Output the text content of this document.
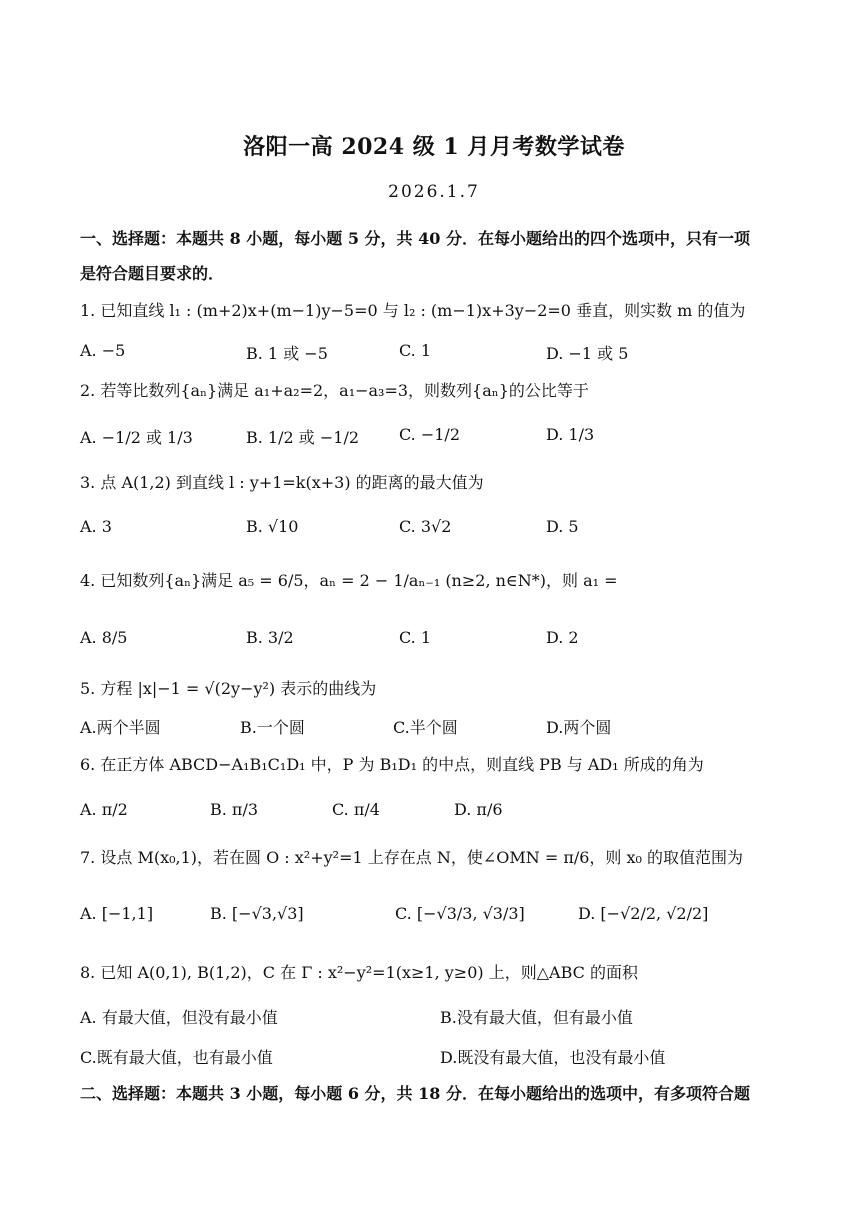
洛阳一高 2024 级 1 月月考数学试卷
2026.1.7
一、选择题：本题共 8 小题，每小题 5 分，共 40 分．在每小题给出的四个选项中，只有一项
是符合题目要求的．
1. 已知直线 l₁ : (m+2)x+(m−1)y−5=0 与 l₂ : (m−1)x+3y−2=0 垂直，则实数 m 的值为
A. −5	B. 1 或 −5	C. 1	D. −1 或 5
2. 若等比数列{aₙ}满足 a₁+a₂=2，a₁−a₃=3，则数列{aₙ}的公比等于
A. −1/2 或 1/3	B. 1/2 或 −1/2 C. −1/2	D. 1/3
3. 点 A(1,2) 到直线 l : y+1=k(x+3) 的距离的最大值为
A. 3	B. √10	C. 3√2	D. 5
4. 已知数列{aₙ}满足 a₅ = 6/5，aₙ = 2 − 1/aₙ₋₁ (n≥2, n∈N*)，则 a₁ =
A. 8/5	B. 3/2	C. 1	D. 2
5. 方程 |x|−1 = √(2y−y²) 表示的曲线为
A.两个半圆	B.一个圆	C.半个圆	D.两个圆
6. 在正方体 ABCD−A₁B₁C₁D₁ 中，P 为 B₁D₁ 的中点，则直线 PB 与 AD₁ 所成的角为
A. π/2	B. π/3	C. π/4	D. π/6
7. 设点 M(x₀,1)，若在圆 O : x²+y²=1 上存在点 N，使∠OMN = π/6，则 x₀ 的取值范围为
A. [−1,1]	B. [−√3,√3]	C. [−√3/3, √3/3]	D. [−√2/2, √2/2]
8. 已知 A(0,1), B(1,2)，C 在 Γ : x²−y²=1(x≥1, y≥0) 上，则△ABC 的面积
A. 有最大值，但没有最小值	B.没有最大值，但有最小值
C.既有最大值，也有最小值	D.既没有最大值，也没有最小值
二、选择题：本题共 3 小题，每小题 6 分，共 18 分．在每小题给出的选项中，有多项符合题
